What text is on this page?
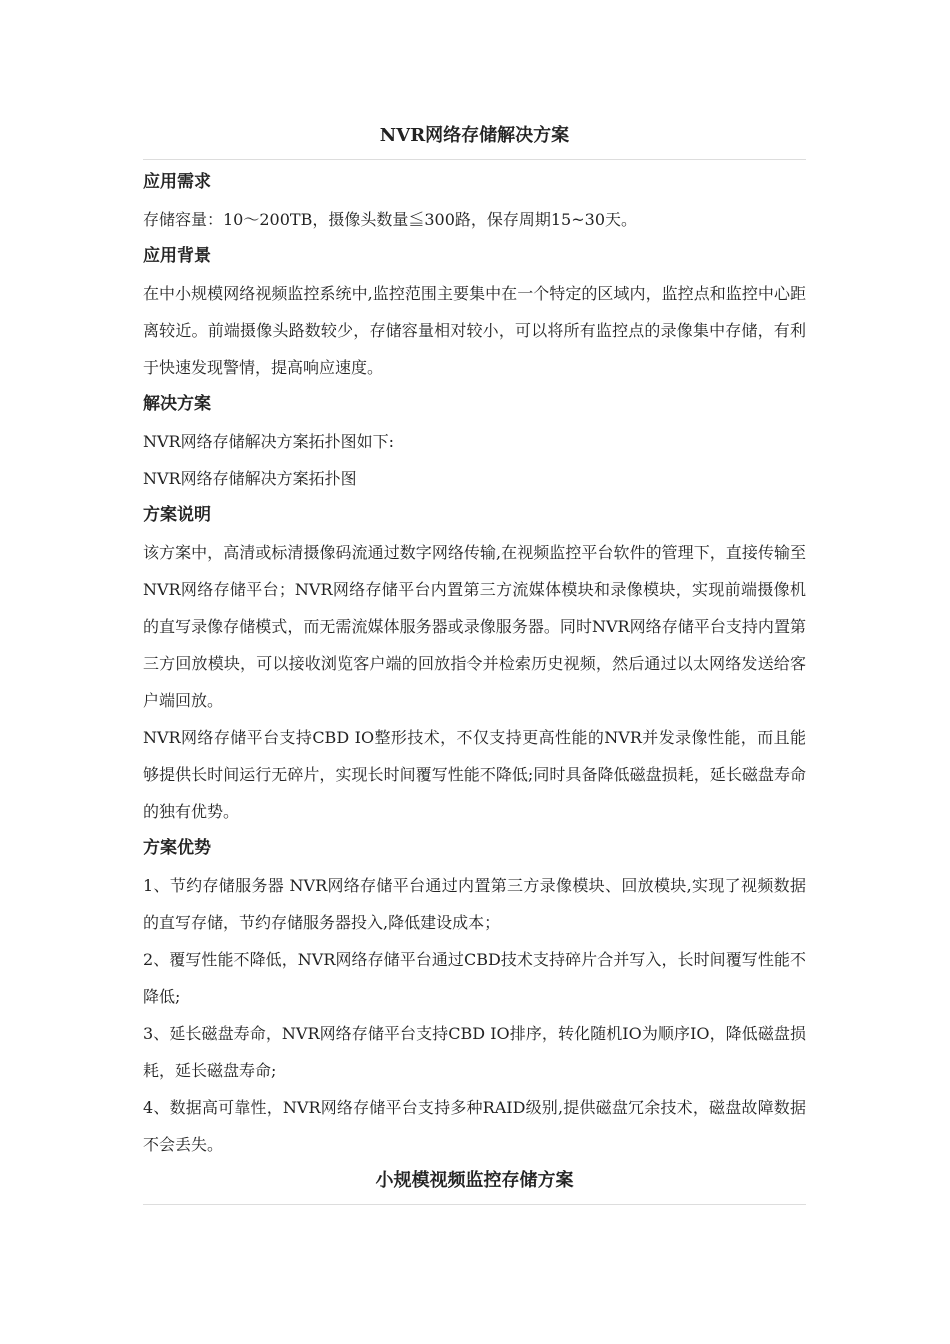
NVR网络存储解决方案
应用需求

存储容量：10～200TB，摄像头数量≦300路，保存周期15~30天。

应用背景

在中小规模网络视频监控系统中,监控范围主要集中在一个特定的区域内，监控点和监控中心距离较近。前端摄像头路数较少，存储容量相对较小，可以将所有监控点的录像集中存储，有利于快速发现警情，提高响应速度。

解决方案

NVR网络存储解决方案拓扑图如下:

NVR网络存储解决方案拓扑图

方案说明

该方案中，高清或标清摄像码流通过数字网络传输,在视频监控平台软件的管理下，直接传输至NVR网络存储平台；NVR网络存储平台内置第三方流媒体模块和录像模块，实现前端摄像机的直写录像存储模式，而无需流媒体服务器或录像服务器。同时NVR网络存储平台支持内置第三方回放模块，可以接收浏览客户端的回放指令并检索历史视频，然后通过以太网络发送给客户端回放。

NVR网络存储平台支持CBD IO整形技术，不仅支持更高性能的NVR并发录像性能，而且能够提供长时间运行无碎片，实现长时间覆写性能不降低;同时具备降低磁盘损耗，延长磁盘寿命的独有优势。

方案优势

1、节约存储服务器 NVR网络存储平台通过内置第三方录像模块、回放模块,实现了视频数据的直写存储，节约存储服务器投入,降低建设成本；

2、覆写性能不降低，NVR网络存储平台通过CBD技术支持碎片合并写入，长时间覆写性能不降低;

3、延长磁盘寿命，NVR网络存储平台支持CBD IO排序，转化随机IO为顺序IO，降低磁盘损耗，延长磁盘寿命;

4、数据高可靠性，NVR网络存储平台支持多种RAID级别,提供磁盘冗余技术，磁盘故障数据不会丢失。

小规模视频监控存储方案
